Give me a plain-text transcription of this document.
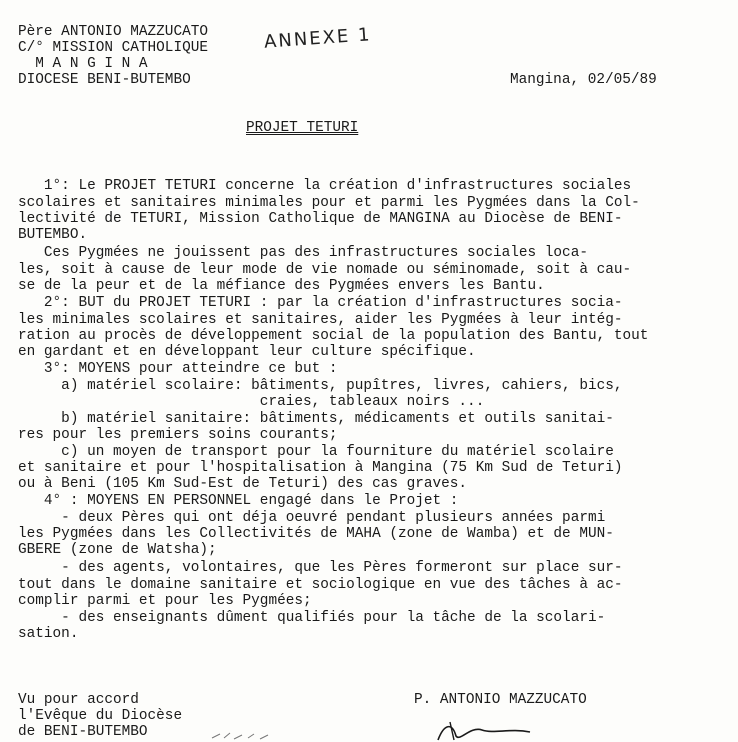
Père ANTONIO MAZZUCATO
C/° MISSION CATHOLIQUE
M A N G I N A
DIOCESE BENI-BUTEMBO
ANNEXE 1
Mangina, 02/05/89
PROJET TETURI
1°: Le PROJET TETURI concerne la création d'infrastructures sociales
scolaires et sanitaires minimales pour et parmi les Pygmées dans la Col-
lectivité de TETURI, Mission Catholique de MANGINA au Diocèse de BENI-
BUTEMBO.
Ces Pygmées ne jouissent pas des infrastructures sociales loca-
les, soit à cause de leur mode de vie nomade ou séminomade, soit à cau-
se de la peur et de la méfiance des Pygmées envers les Bantu.
2°: BUT du PROJET TETURI : par la création d'infrastructures socia-
les minimales scolaires et sanitaires, aider les Pygmées à leur intég-
ration au procès de développement social de la population des Bantu, tout
en gardant et en développant leur culture spécifique.
3°: MOYENS pour atteindre ce but :
a) matériel scolaire: bâtiments, pupîtres, livres, cahiers, bics,
craies, tableaux noirs ...
b) matériel sanitaire: bâtiments, médicaments et outils sanitai-
res pour les premiers soins courants;
c) un moyen de transport pour la fourniture du matériel scolaire
et sanitaire et pour l'hospitalisation à Mangina (75 Km Sud de Teturi)
ou à Beni (105 Km Sud-Est de Teturi) des cas graves.
4° : MOYENS EN PERSONNEL engagé dans le Projet :
- deux Pères qui ont déja oeuvré pendant plusieurs années parmi
les Pygmées dans les Collectivités de MAHA (zone de Wamba) et de MUN-
GBERE (zone de Watsha);
- des agents, volontaires, que les Pères formeront sur place sur-
tout dans le domaine sanitaire et sociologique en vue des tâches à ac-
complir parmi et pour les Pygmées;
- des enseignants dûment qualifiés pour la tâche de la scolari-
sation.
Vu pour accord
l'Evêque du Diocèse
de BENI-BUTEMBO
P. ANTONIO MAZZUCATO
